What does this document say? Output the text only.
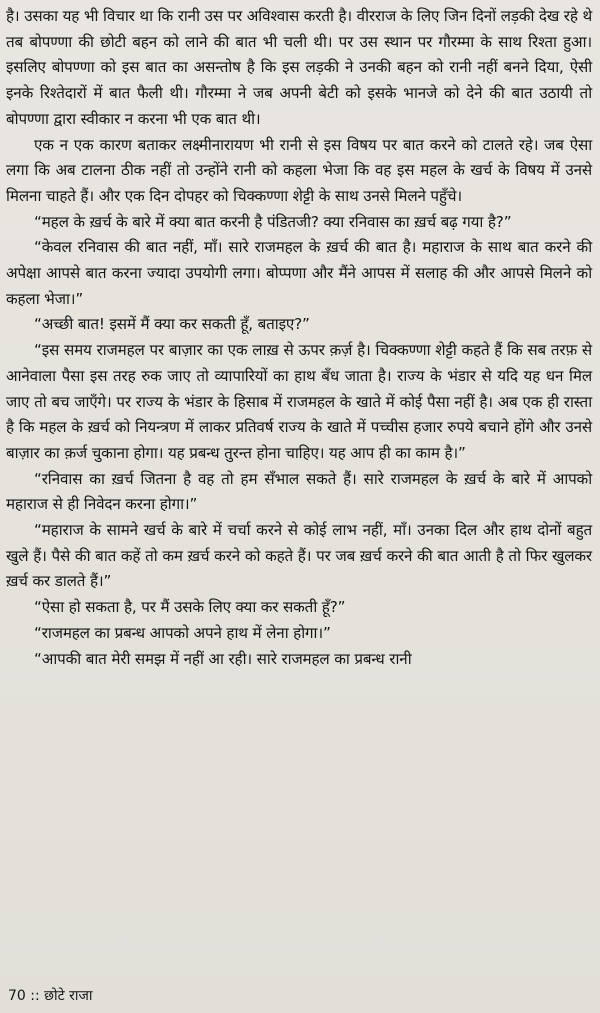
है। उसका यह भी विचार था कि रानी उस पर अविश्वास करती है। वीरराज के लिए जिन दिनों लड़की देख रहे थे तब बोपण्णा की छोटी बहन को लाने की बात भी चली थी। पर उस स्थान पर गौरम्मा के साथ रिश्ता हुआ। इसलिए बोपण्णा को इस बात का असन्तोष है कि इस लड़की ने उनकी बहन को रानी नहीं बनने दिया, ऐसी इनके रिश्तेदारों में बात फैली थी। गौरम्मा ने जब अपनी बेटी को इसके भानजे को देने की बात उठायी तो बोपण्णा द्वारा स्वीकार न करना भी एक बात थी।

एक न एक कारण बताकर लक्ष्मीनारायण भी रानी से इस विषय पर बात करने को टालते रहे। जब ऐसा लगा कि अब टालना ठीक नहीं तो उन्होंने रानी को कहला भेजा कि वह इस महल के खर्च के विषय में उनसे मिलना चाहते हैं। और एक दिन दोपहर को चिक्कण्णा शेट्टी के साथ उनसे मिलने पहुँचे।

“महल के ख़र्च के बारे में क्या बात करनी है पंडितजी? क्या रनिवास का ख़र्च बढ़ गया है?”

“केवल रनिवास की बात नहीं, माँ। सारे राजमहल के ख़र्च की बात है। महाराज के साथ बात करने की अपेक्षा आपसे बात करना ज्यादा उपयोगी लगा। बोप्पणा और मैंने आपस में सलाह की और आपसे मिलने को कहला भेजा।”

“अच्छी बात! इसमें मैं क्या कर सकती हूँ, बताइए?”

“इस समय राजमहल पर बाज़ार का एक लाख़ से ऊपर क़र्ज़ है। चिक्कण्णा शेट्टी कहते हैं कि सब तरफ़ से आनेवाला पैसा इस तरह रुक जाए तो व्यापारियों का हाथ बँध जाता है। राज्य के भंडार से यदि यह धन मिल जाए तो बच जाएँगे। पर राज्य के भंडार के हिसाब में राजमहल के खाते में कोई पैसा नहीं है। अब एक ही रास्ता है कि महल के ख़र्च को नियन्त्रण में लाकर प्रतिवर्ष राज्य के खाते में पच्चीस हजार रुपये बचाने होंगे और उनसे बाज़ार का क़र्ज चुकाना होगा। यह प्रबन्ध तुरन्त होना चाहिए। यह आप ही का काम है।”

“रनिवास का ख़र्च जितना है वह तो हम सँभाल सकते हैं। सारे राजमहल के ख़र्च के बारे में आपको महाराज से ही निवेदन करना होगा।”

“महाराज के सामने खर्च के बारे में चर्चा करने से कोई लाभ नहीं, माँ। उनका दिल और हाथ दोनों बहुत खुले हैं। पैसे की बात कहें तो कम ख़र्च करने को कहते हैं। पर जब ख़र्च करने की बात आती है तो फिर खुलकर ख़र्च कर डालते हैं।”

“ऐसा हो सकता है, पर मैं उसके लिए क्या कर सकती हूँ?”

“राजमहल का प्रबन्ध आपको अपने हाथ में लेना होगा।”

“आपकी बात मेरी समझ में नहीं आ रही। सारे राजमहल का प्रबन्ध रानी

70 :: छोटे राजा
